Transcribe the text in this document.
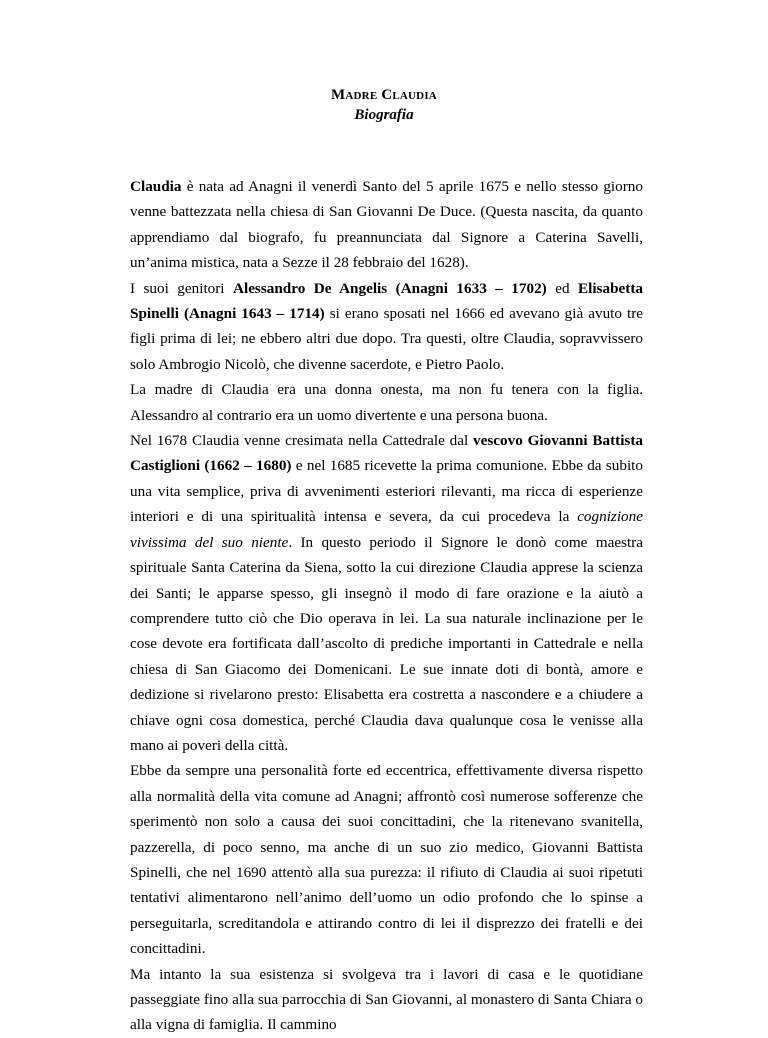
MADRE CLAUDIA
Biografia

Claudia è nata ad Anagni il venerdì Santo del 5 aprile 1675 e nello stesso giorno venne battezzata nella chiesa di San Giovanni De Duce. (Questa nascita, da quanto apprendiamo dal biografo, fu preannunciata dal Signore a Caterina Savelli, un’anima mistica, nata a Sezze il 28 febbraio del 1628).

I suoi genitori Alessandro De Angelis (Anagni 1633 – 1702) ed Elisabetta Spinelli (Anagni 1643 – 1714) si erano sposati nel 1666 ed avevano già avuto tre figli prima di lei; ne ebbero altri due dopo. Tra questi, oltre Claudia, sopravvissero solo Ambrogio Nicolò, che divenne sacerdote, e Pietro Paolo.

La madre di Claudia era una donna onesta, ma non fu tenera con la figlia. Alessandro al contrario era un uomo divertente e una persona buona.

Nel 1678 Claudia venne cresimata nella Cattedrale dal vescovo Giovanni Battista Castiglioni (1662 – 1680) e nel 1685 ricevette la prima comunione. Ebbe da subito una vita semplice, priva di avvenimenti esteriori rilevanti, ma ricca di esperienze interiori e di una spiritualità intensa e severa, da cui procedeva la cognizione vivissima del suo niente. In questo periodo il Signore le donò come maestra spirituale Santa Caterina da Siena, sotto la cui direzione Claudia apprese la scienza dei Santi; le apparse spesso, gli insegnò il modo di fare orazione e la aiutò a comprendere tutto ciò che Dio operava in lei. La sua naturale inclinazione per le cose devote era fortificata dall’ascolto di prediche importanti in Cattedrale e nella chiesa di San Giacomo dei Domenicani. Le sue innate doti di bontà, amore e dedizione si rivelarono presto: Elisabetta era costretta a nascondere e a chiudere a chiave ogni cosa domestica, perché Claudia dava qualunque cosa le venisse alla mano ai poveri della città.

Ebbe da sempre una personalità forte ed eccentrica, effettivamente diversa rispetto alla normalità della vita comune ad Anagni; affrontò così numerose sofferenze che sperimentò non solo a causa dei suoi concittadini, che la ritenevano svanitella, pazzerella, di poco senno, ma anche di un suo zio medico, Giovanni Battista Spinelli, che nel 1690 attentò alla sua purezza: il rifiuto di Claudia ai suoi ripetuti tentativi alimentarono nell’animo dell’uomo un odio profondo che lo spinse a perseguitarla, screditandola e attirando contro di lei il disprezzo dei fratelli e dei concittadini.

Ma intanto la sua esistenza si svolgeva tra i lavori di casa e le quotidiane passeggiate fino alla sua parrocchia di San Giovanni, al monastero di Santa Chiara o alla vigna di famiglia. Il cammino
